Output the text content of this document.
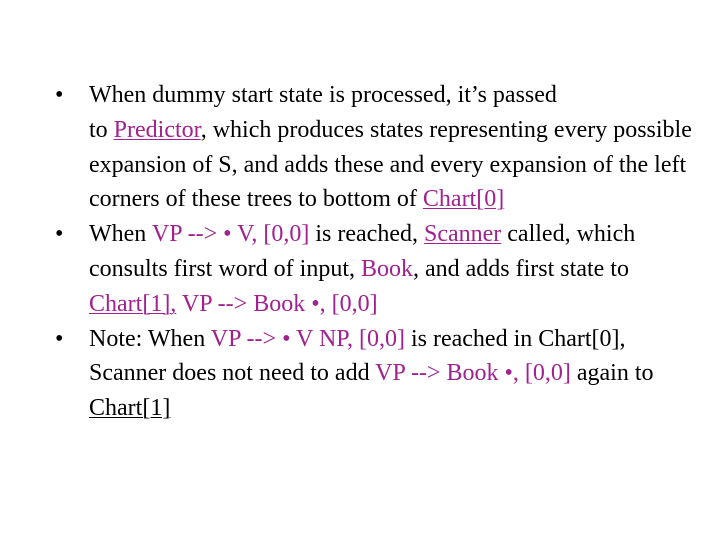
•	When dummy start state is processed, it’s passed
to Predictor, which produces states representing every possible expansion of S, and adds these and every expansion of the left corners of these trees to bottom of Chart[0]
•	When VP --> • V, [0,0] is reached, Scanner called, which consults first word of input, Book, and adds first state to Chart[1], VP --> Book •, [0,0]
•	Note: When VP --> • V NP, [0,0] is reached in Chart[0], Scanner does not need to add VP --> Book •, [0,0] again to Chart[1]
